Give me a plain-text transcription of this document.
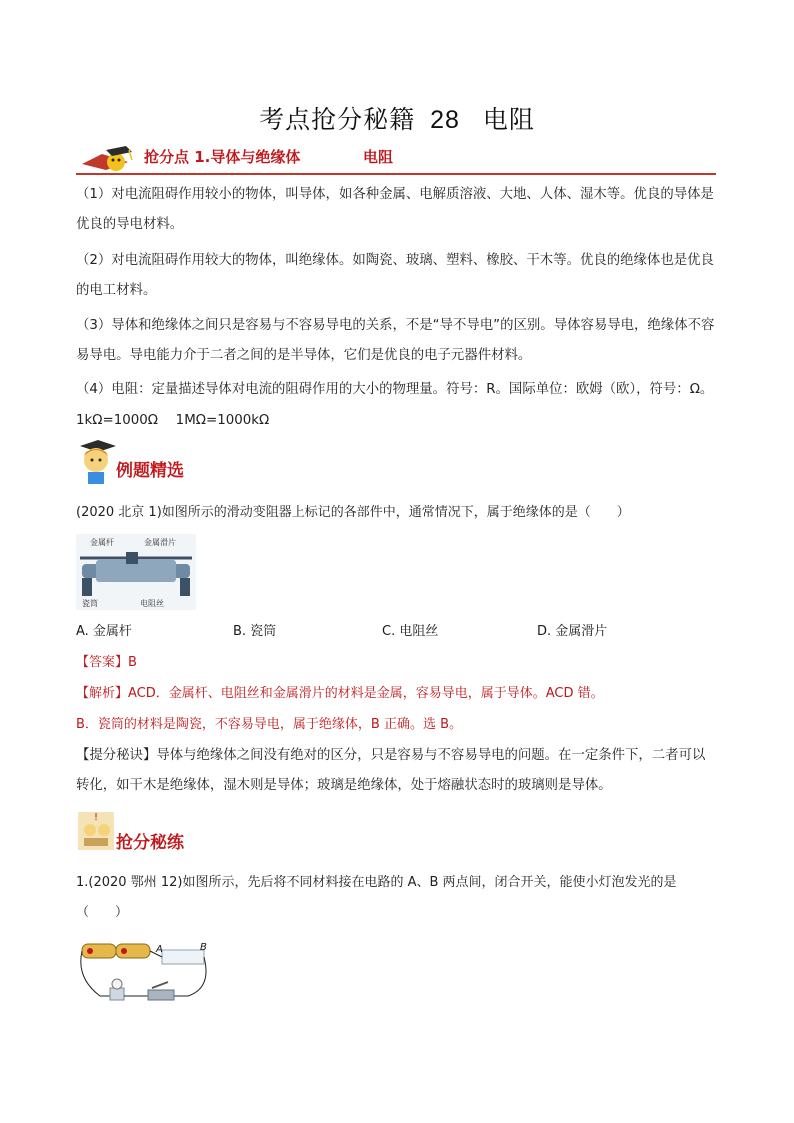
考点抢分秘籍 28 电阻
抢分点 1.导体与绝缘体	电阻
（1）对电流阻碍作用较小的物体，叫导体，如各种金属、电解质溶液、大地、人体、湿木等。优良的导体是优良的导电材料。
（2）对电流阻碍作用较大的物体，叫绝缘体。如陶瓷、玻璃、塑料、橡胶、干木等。优良的绝缘体也是优良的电工材料。
（3）导体和绝缘体之间只是容易与不容易导电的关系，不是“导不导电”的区别。导体容易导电，绝缘体不容易导电。导电能力介于二者之间的是半导体，它们是优良的电子元器件材料。
（4）电阻：定量描述导体对电流的阻碍作用的大小的物理量。符号：R。国际单位：欧姆（欧），符号：Ω。
1kΩ=1000Ω　 1MΩ=1000kΩ
例题精选
(2020 北京 1)如图所示的滑动变阻器上标记的各部件中，通常情况下，属于绝缘体的是（　　）
金属杆	金属滑片
瓷筒	电阻丝
A. 金属杆	B. 瓷筒	C. 电阻丝	D. 金属滑片
【答案】B
【解析】ACD．金属杆、电阻丝和金属滑片的材料是金属，容易导电，属于导体。ACD 错。
B．瓷筒的材料是陶瓷，不容易导电，属于绝缘体，B 正确。选 B。
【提分秘诀】导体与绝缘体之间没有绝对的区分，只是容易与不容易导电的问题。在一定条件下，二者可以转化，如干木是绝缘体，湿木则是导体；玻璃是绝缘体，处于熔融状态时的玻璃则是导体。
!
抢分秘练
1.(2020 鄂州 12)如图所示，先后将不同材料接在电路的 A、B 两点间，闭合开关，能使小灯泡发光的是
（　　）
A	B
